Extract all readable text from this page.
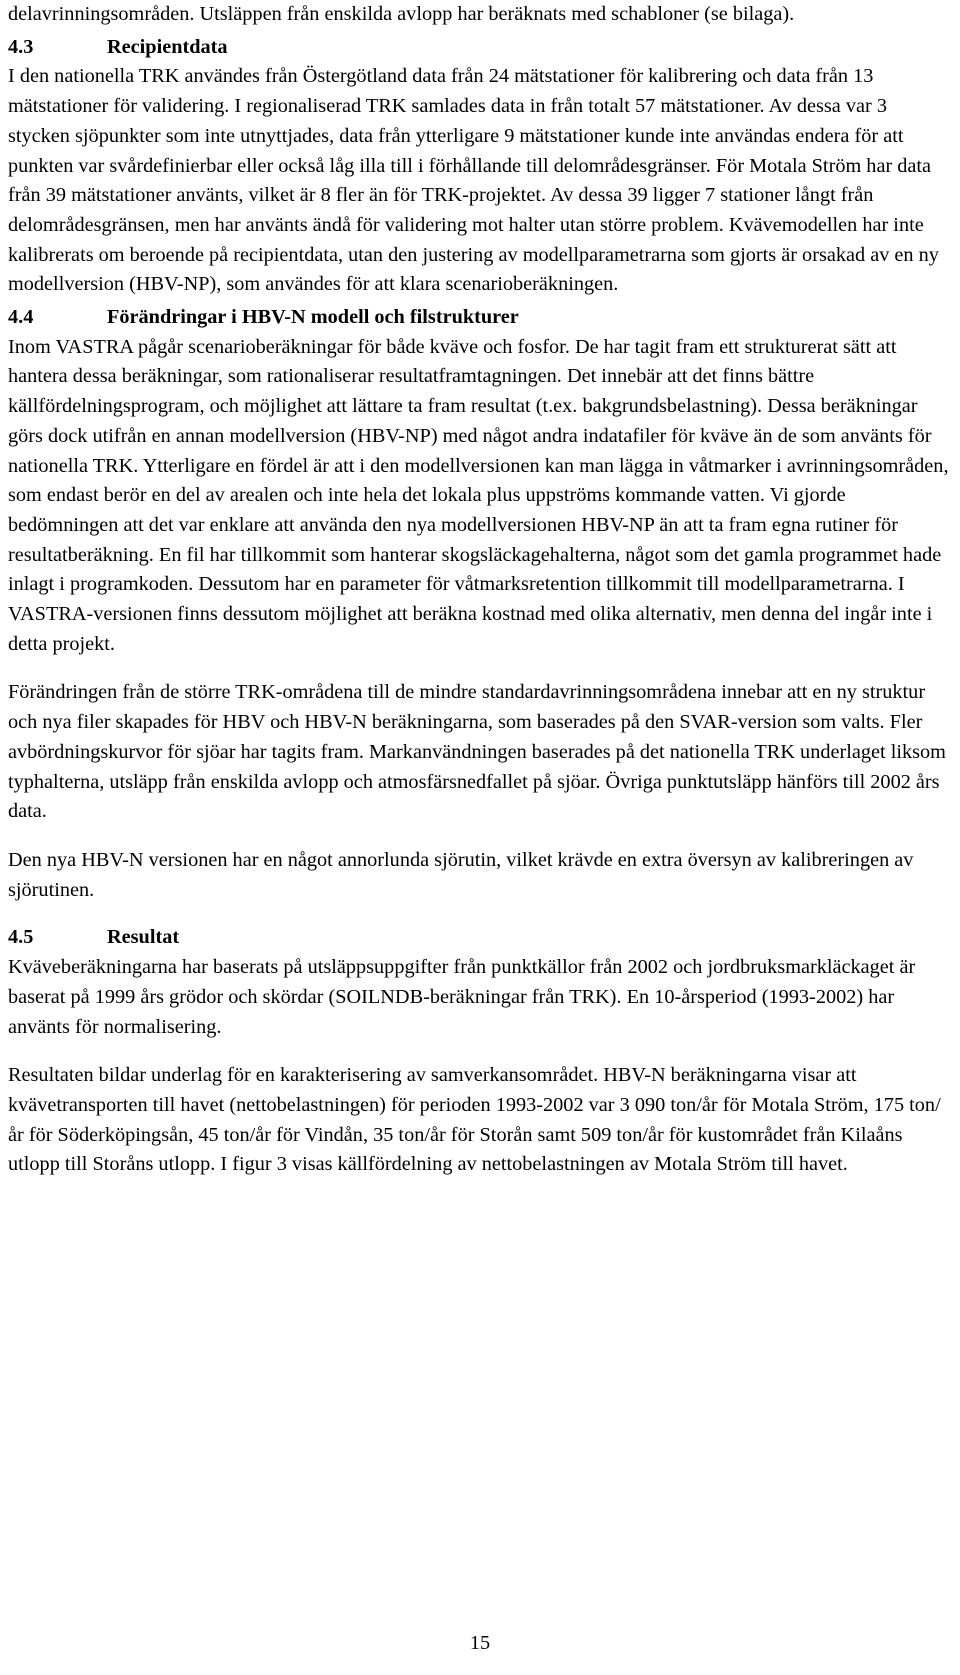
delavrinningsområden. Utsläppen från enskilda avlopp har beräknats med schabloner (se bilaga).

4.3	Recipientdata

I den nationella TRK användes från Östergötland data från 24 mätstationer för kalibrering och data från 13 mätstationer för validering. I regionaliserad TRK samlades data in från totalt 57 mätstationer. Av dessa var 3 stycken sjöpunkter som inte utnyttjades, data från ytterligare 9 mätstationer kunde inte användas endera för att punkten var svårdefinierbar eller också låg illa till i förhållande till delområdesgränser. För Motala Ström har data från 39 mätstationer använts, vilket är 8 fler än för TRK-projektet. Av dessa 39 ligger 7 stationer långt från delområdesgränsen, men har använts ändå för validering mot halter utan större problem. Kvävemodellen har inte kalibrerats om beroende på recipientdata, utan den justering av modellparametrarna som gjorts är orsakad av en ny modellversion (HBV-NP), som användes för att klara scenarioberäkningen.

4.4	Förändringar i HBV-N modell och filstrukturer

Inom VASTRA pågår scenarioberäkningar för både kväve och fosfor. De har tagit fram ett strukturerat sätt att hantera dessa beräkningar, som rationaliserar resultatframtagningen. Det innebär att det finns bättre källfördelningsprogram, och möjlighet att lättare ta fram resultat (t.ex. bakgrundsbelastning). Dessa beräkningar görs dock utifrån en annan modellversion (HBV-NP) med något andra indatafiler för kväve än de som använts för nationella TRK. Ytterligare en fördel är att i den modellversionen kan man lägga in våtmarker i avrinningsområden, som endast berör en del av arealen och inte hela det lokala plus uppströms kommande vatten. Vi gjorde bedömningen att det var enklare att använda den nya modellversionen HBV-NP än att ta fram egna rutiner för resultatberäkning. En fil har tillkommit som hanterar skogsläckagehalterna, något som det gamla programmet hade inlagt i programkoden. Dessutom har en parameter för våtmarksretention tillkommit till modellparametrarna. I VASTRA-versionen finns dessutom möjlighet att beräkna kostnad med olika alternativ, men denna del ingår inte i detta projekt.

Förändringen från de större TRK-områdena till de mindre standardavrinningsområdena innebar att en ny struktur och nya filer skapades för HBV och HBV-N beräkningarna, som baserades på den SVAR-version som valts. Fler avbördningskurvor för sjöar har tagits fram. Markanvändningen baserades på det nationella TRK underlaget liksom typhalterna, utsläpp från enskilda avlopp och atmosfärsnedfallet på sjöar. Övriga punktutsläpp hänförs till 2002 års data.

Den nya HBV-N versionen har en något annorlunda sjörutin, vilket krävde en extra översyn av kalibreringen av sjörutinen.

4.5	Resultat

Kväveberäkningarna har baserats på utsläppsuppgifter från punktkällor från 2002 och jordbruksmarkläckaget är baserat på 1999 års grödor och skördar (SOILNDB-beräkningar från TRK). En 10-årsperiod (1993-2002) har använts för normalisering.

Resultaten bildar underlag för en karakterisering av samverkansområdet. HBV-N beräkningarna visar att kvävetransporten till havet (nettobelastningen) för perioden 1993-2002 var 3 090 ton/år för Motala Ström, 175 ton/år för Söderköpingsån, 45 ton/år för Vindån, 35 ton/år för Storån samt 509 ton/år för kustområdet från Kilaåns utlopp till Storåns utlopp. I figur 3 visas källfördelning av nettobelastningen av Motala Ström till havet.

15
